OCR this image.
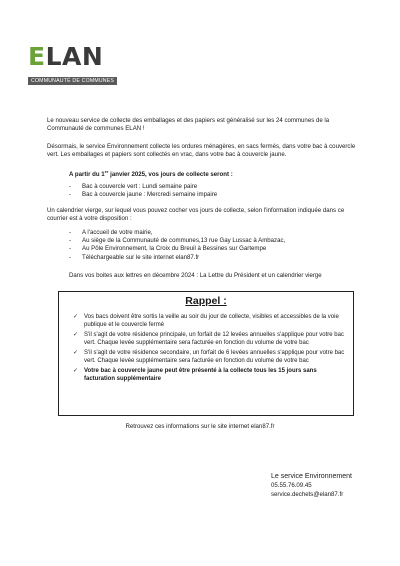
E LAN
COMMUNAUTÉ DE COMMUNES

Le nouveau service de collecte des emballages et des papiers est généralisé sur les 24 communes de la Communauté de communes ELAN !

Désormais, le service Environnement collecte les ordures ménagères, en sacs fermés, dans votre bac à couvercle vert. Les emballages et papiers sont collectés en vrac, dans votre bac à couvercle jaune.

A partir du 1er janvier 2025, vos jours de collecte seront :

- Bac à couvercle vert : Lundi semaine paire
- Bac à couvercle jaune : Mercredi semaine impaire

Un calendrier vierge, sur lequel vous pouvez cocher vos jours de collecte, selon l'information indiquée dans ce courrier est à votre disposition :

- A l'accueil de votre mairie,
- Au siège de la Communauté de communes,13 rue Gay Lussac à Ambazac,
- Au Pôle Environnement, la Croix du Breuil à Bessines sur Gartempe
- Téléchargeable sur le site internet elan87.fr

Dans vos boites aux lettres en décembre 2024 : La Lettre du Président et un calendrier vierge

Rappel :
✓ Vos bacs doivent être sortis la veille au soir du jour de collecte, visibles et accessibles de la voie publique et le couvercle fermé
✓ S'il s'agit de votre résidence principale, un forfait de 12 levées annuelles s'applique pour votre bac vert. Chaque levée supplémentaire sera facturée en fonction du volume de votre bac
✓ S'il s'agit de votre résidence secondaire, un forfait de 6 levées annuelles s'applique pour votre bac vert. Chaque levée supplémentaire sera facturée en fonction du volume de votre bac
✓ Votre bac à couvercle jaune peut être présenté à la collecte tous les 15 jours sans facturation supplémentaire

Retrouvez ces informations sur le site internet elan87.fr

Le service Environnement
05.55.76.09.45
service.dechets@elan87.fr
